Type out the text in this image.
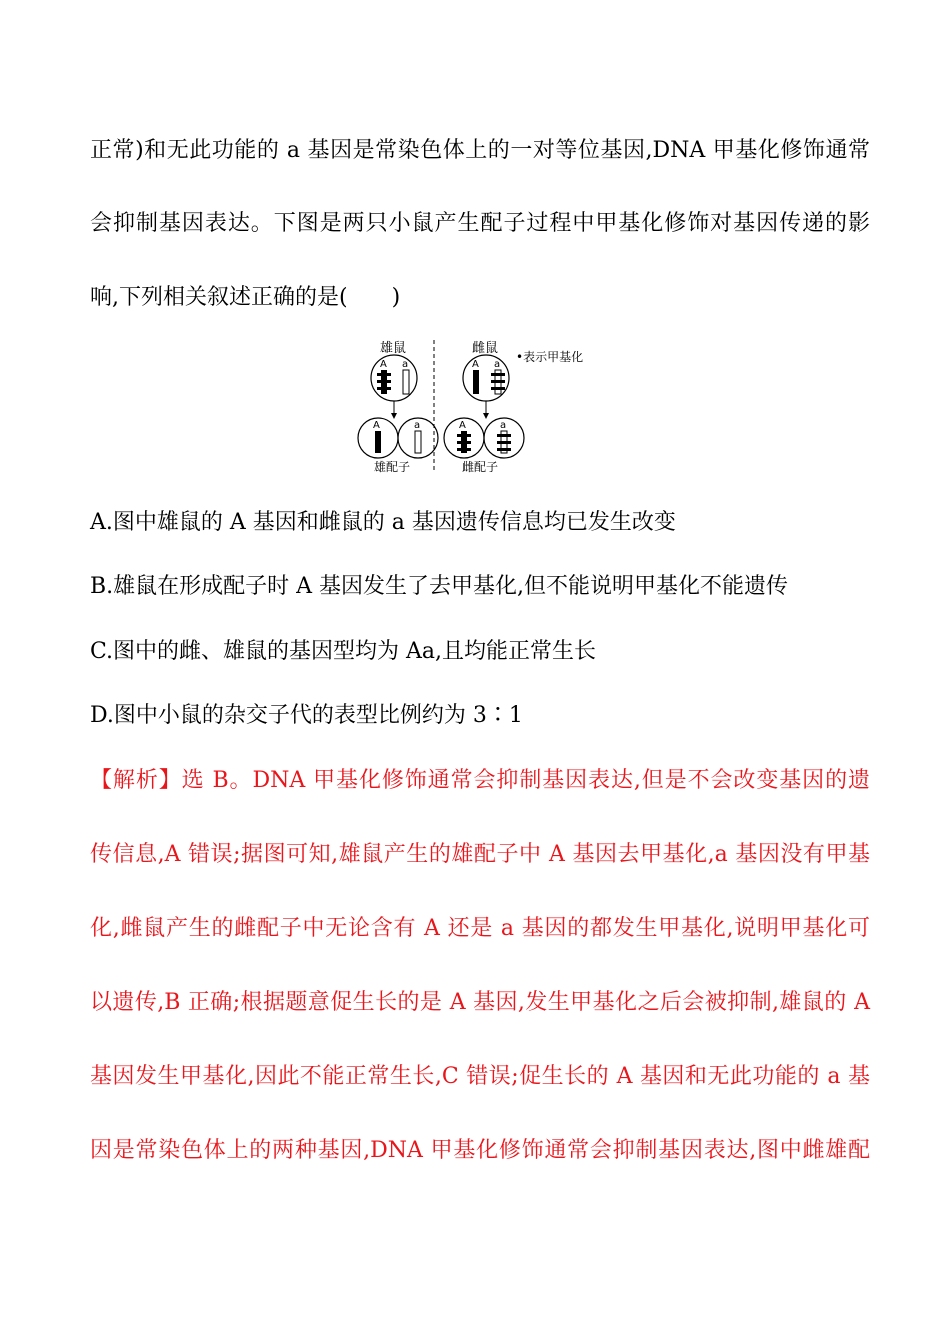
正常)和无此功能的 a 基因是常染色体上的一对等位基因,DNA 甲基化修饰通常

会抑制基因表达。下图是两只小鼠产生配子过程中甲基化修饰对基因传递的影

响,下列相关叙述正确的是(　　)

雄鼠	雌鼠
•表示甲基化
A a
A	a
雄配子
A a
A	a
雌配子

A.图中雄鼠的 A 基因和雌鼠的 a 基因遗传信息均已发生改变

B.雄鼠在形成配子时 A 基因发生了去甲基化,但不能说明甲基化不能遗传

C.图中的雌、雄鼠的基因型均为 Aa,且均能正常生长

D.图中小鼠的杂交子代的表型比例约为 3∶1

【解析】选 B。DNA 甲基化修饰通常会抑制基因表达,但是不会改变基因的遗

传信息,A 错误;据图可知,雄鼠产生的雄配子中 A 基因去甲基化,a 基因没有甲基

化,雌鼠产生的雌配子中无论含有 A 还是 a 基因的都发生甲基化,说明甲基化可

以遗传,B 正确;根据题意促生长的是 A 基因,发生甲基化之后会被抑制,雄鼠的 A

基因发生甲基化,因此不能正常生长,C 错误;促生长的 A 基因和无此功能的 a 基

因是常染色体上的两种基因,DNA 甲基化修饰通常会抑制基因表达,图中雌雄配
